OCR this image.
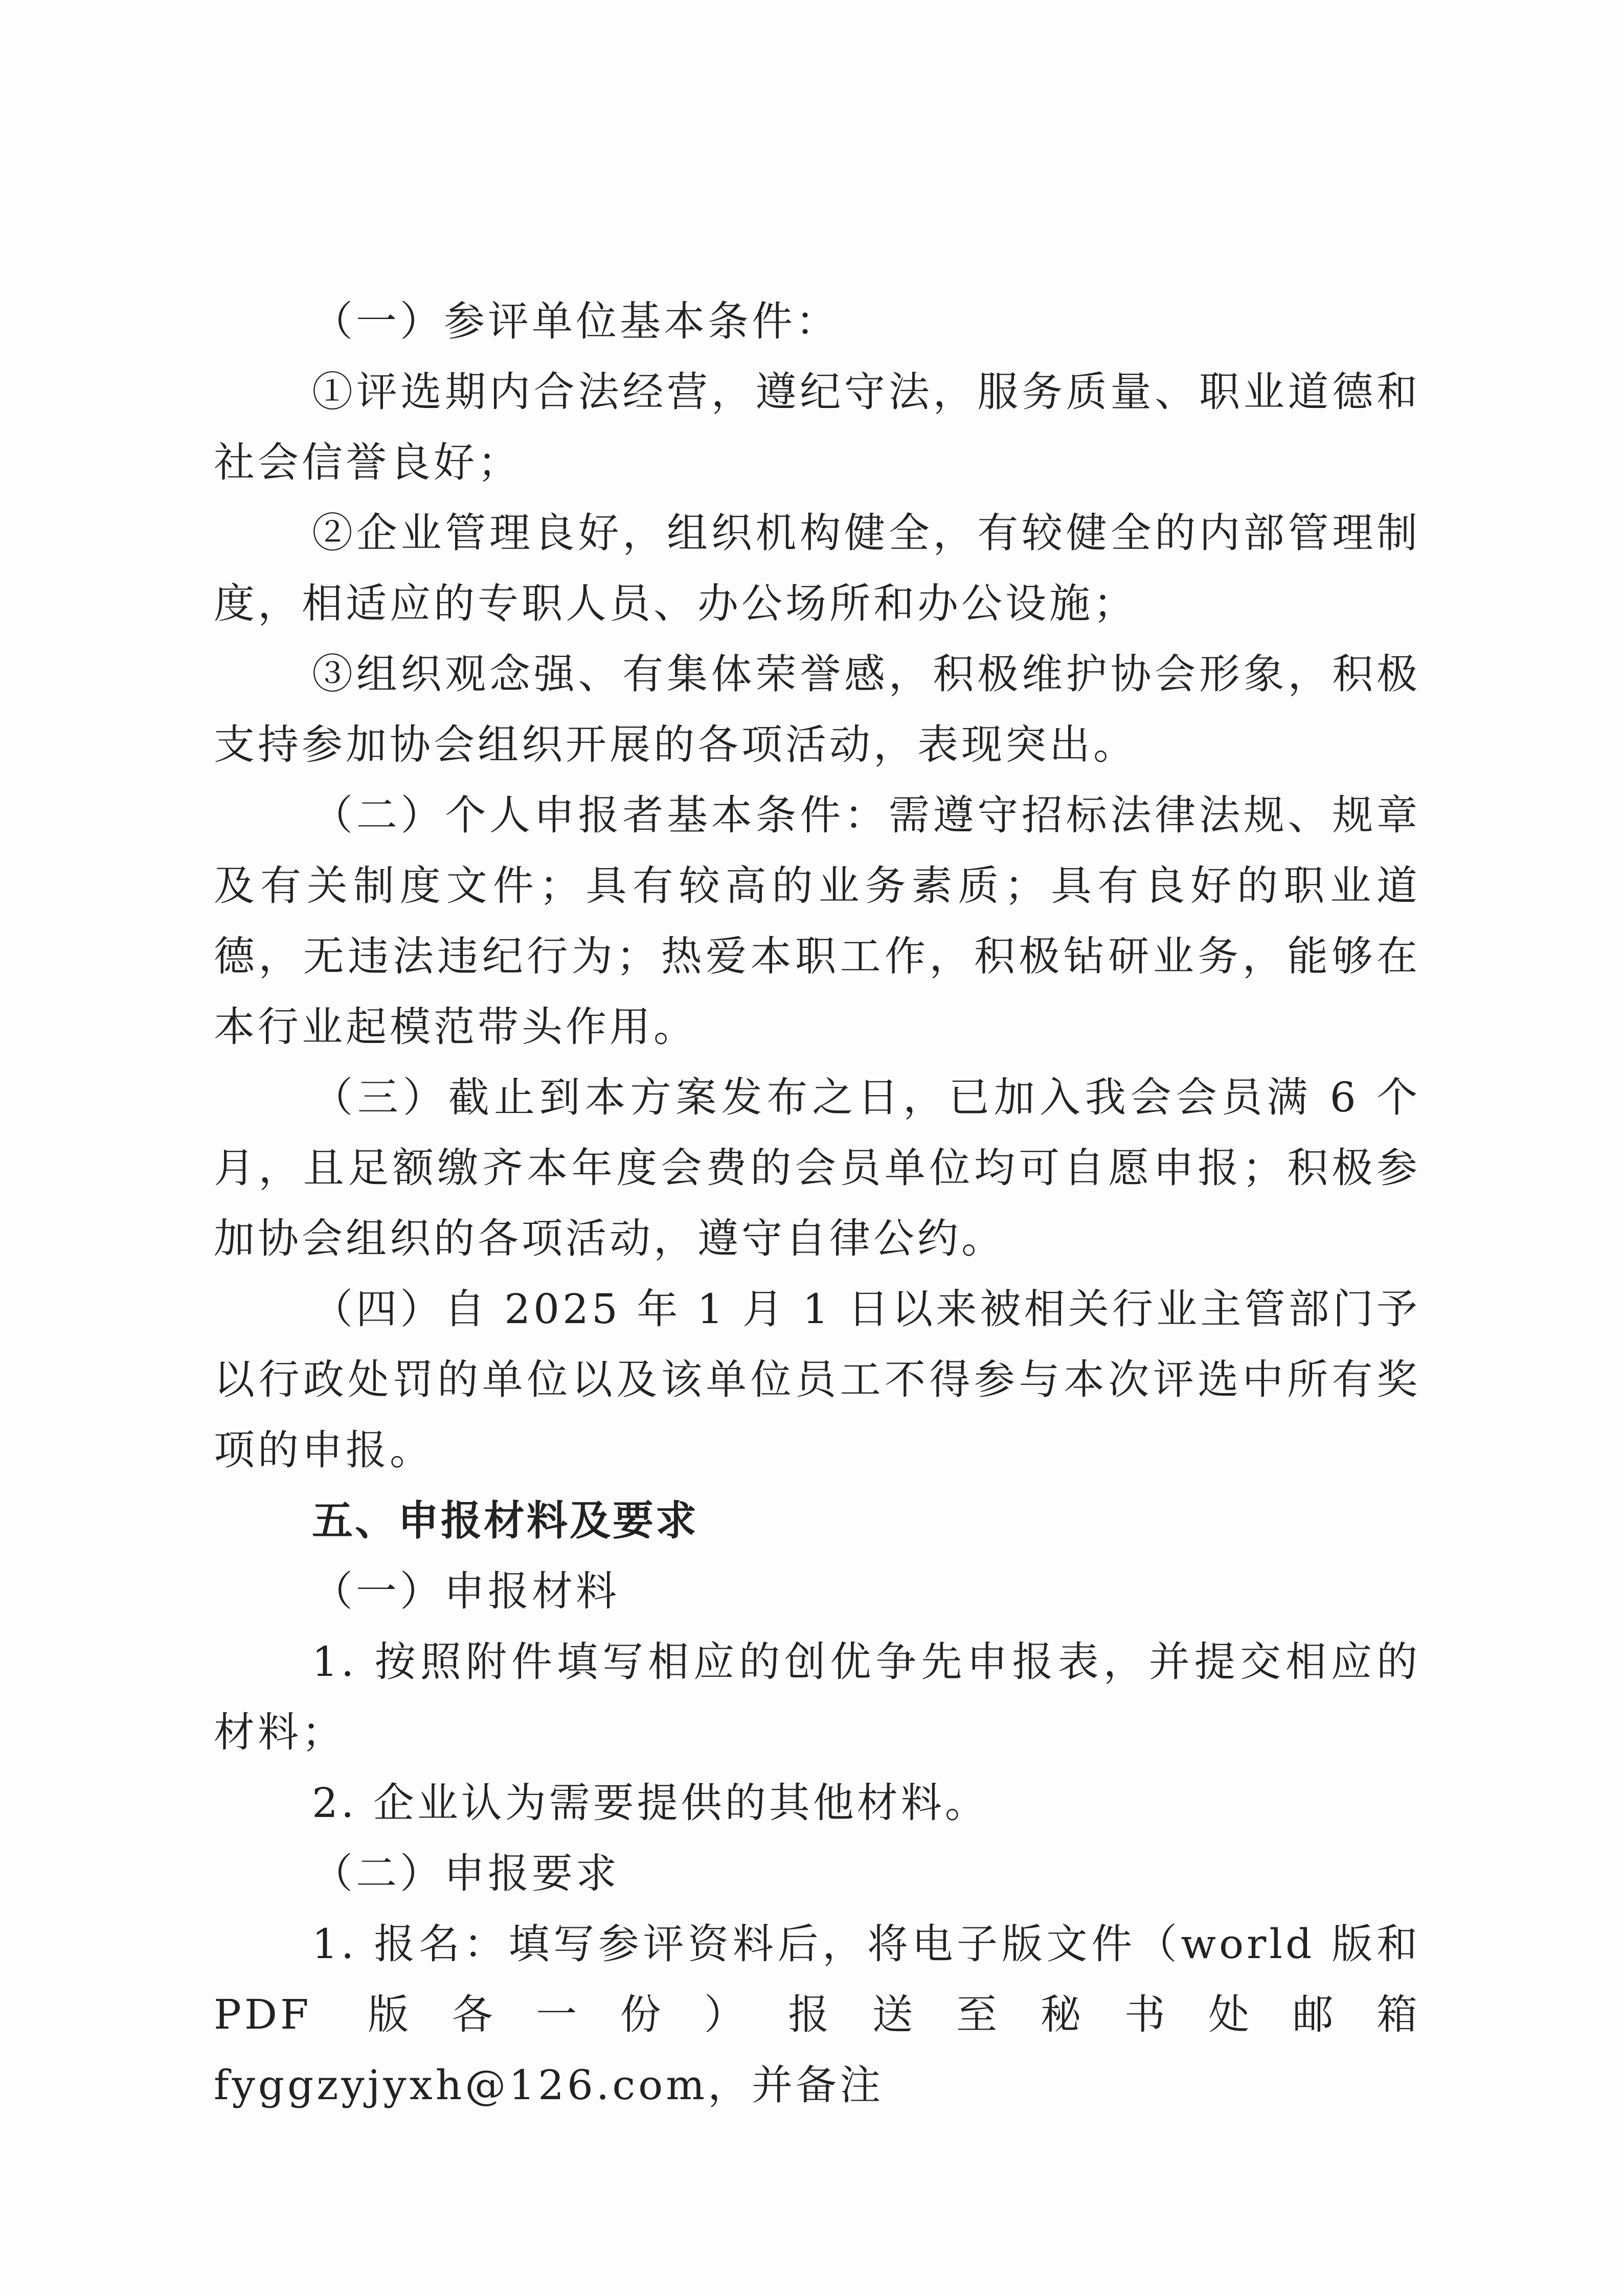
（一）参评单位基本条件：

①评选期内合法经营，遵纪守法，服务质量、职业道德和社会信誉良好；

②企业管理良好，组织机构健全，有较健全的内部管理制度，相适应的专职人员、办公场所和办公设施；

③组织观念强、有集体荣誉感，积极维护协会形象，积极支持参加协会组织开展的各项活动，表现突出。

（二）个人申报者基本条件：需遵守招标法律法规、规章及有关制度文件；具有较高的业务素质；具有良好的职业道德，无违法违纪行为；热爱本职工作，积极钻研业务，能够在本行业起模范带头作用。

（三）截止到本方案发布之日，已加入我会会员满 6 个月，且足额缴齐本年度会费的会员单位均可自愿申报；积极参加协会组织的各项活动，遵守自律公约。

（四）自 2025 年 1 月 1 日以来被相关行业主管部门予以行政处罚的单位以及该单位员工不得参与本次评选中所有奖项的申报。

五、申报材料及要求

（一）申报材料

1. 按照附件填写相应的创优争先申报表，并提交相应的材料；

2. 企业认为需要提供的其他材料。

（二）申报要求

1. 报名：填写参评资料后，将电子版文件（world 版和 PDF 版各一份）报送至秘书处邮箱 fyggzyjyxh@126.com，并备注
